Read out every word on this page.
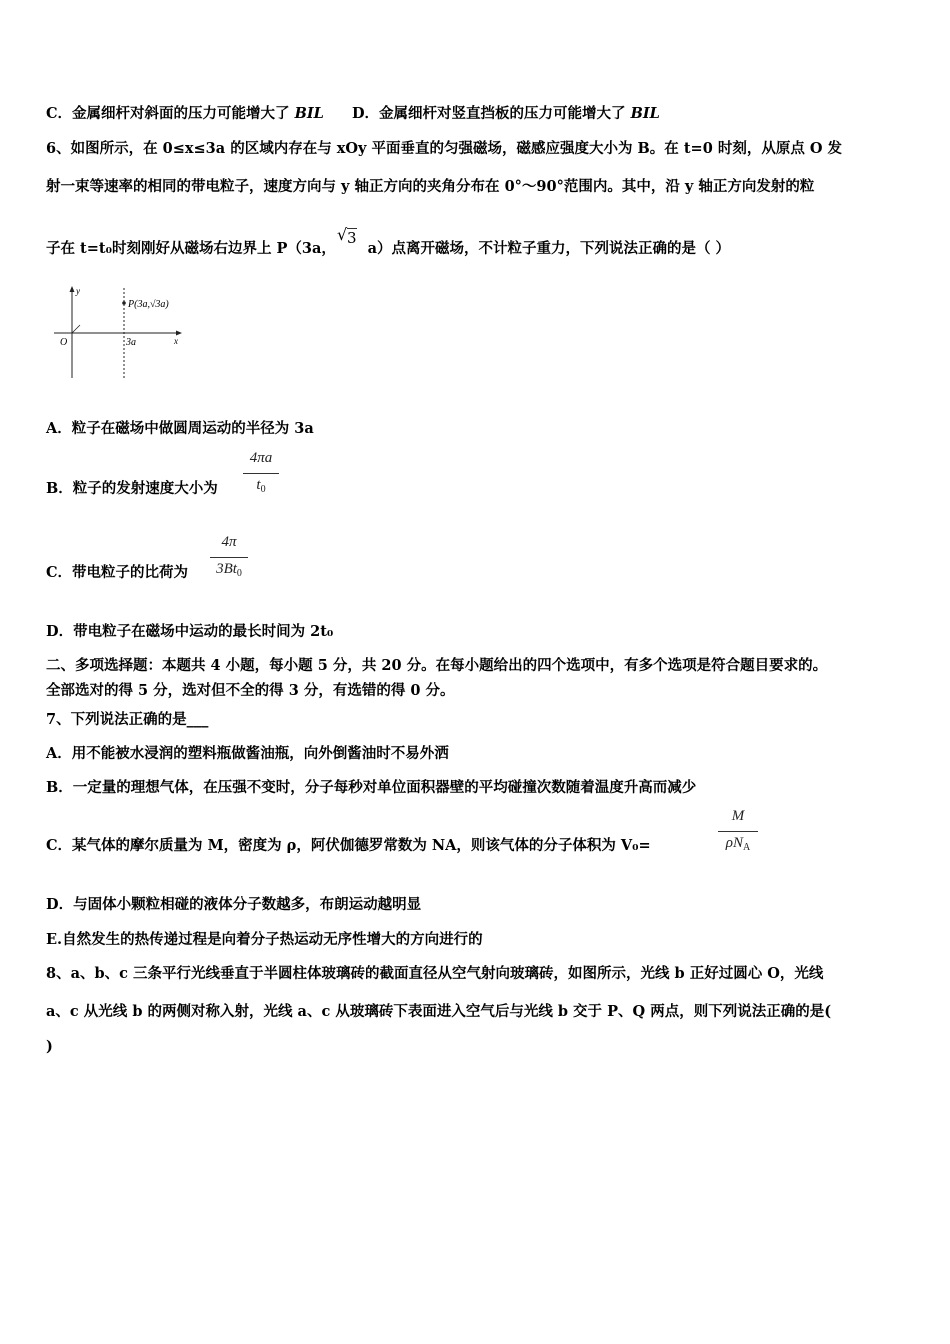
C．金属细杆对斜面的压力可能增大了 BIL D．金属细杆对竖直挡板的压力可能增大了 BIL
6、如图所示，在 0≤x≤3a 的区域内存在与 xOy 平面垂直的匀强磁场，磁感应强度大小为 B。在 t=0 时刻，从原点 O 发
射一束等速率的相同的带电粒子，速度方向与 y 轴正方向的夹角分布在 0°～90°范围内。其中，沿 y 轴正方向发射的粒
子在 t=t₀时刻刚好从磁场右边界上 P（3a，
√ 3 a）点离开磁场，不计粒子重力，下列说法正确的是（ ）
y
x
O	3a
P(3a,√3a)
A．粒子在磁场中做圆周运动的半径为 3a
B．粒子的发射速度大小为
4πa
$t_0$
C．带电粒子的比荷为
4π
$3Bt_0$
D．带电粒子在磁场中运动的最长时间为 2t₀
二、多项选择题：本题共 4 小题，每小题 5 分，共 20 分。在每小题给出的四个选项中，有多个选项是符合题目要求的。
全部选对的得 5 分，选对但不全的得 3 分，有选错的得 0 分。
7、下列说法正确的是___
A．用不能被水浸润的塑料瓶做酱油瓶，向外倒酱油时不易外洒
B．一定量的理想气体，在压强不变时，分子每秒对单位面积器壁的平均碰撞次数随着温度升高而减少
C．某气体的摩尔质量为 M，密度为 ρ，阿伏伽德罗常数为 NA，则该气体的分子体积为 V₀=
M
$\rho N_A$
D．与固体小颗粒相碰的液体分子数越多，布朗运动越明显
E.自然发生的热传递过程是向着分子热运动无序性增大的方向进行的
8、a、b、c 三条平行光线垂直于半圆柱体玻璃砖的截面直径从空气射向玻璃砖，如图所示，光线 b 正好过圆心 O，光线
a、c 从光线 b 的两侧对称入射，光线 a、c 从玻璃砖下表面进入空气后与光线 b 交于 P、Q 两点，则下列说法正确的是(
)
